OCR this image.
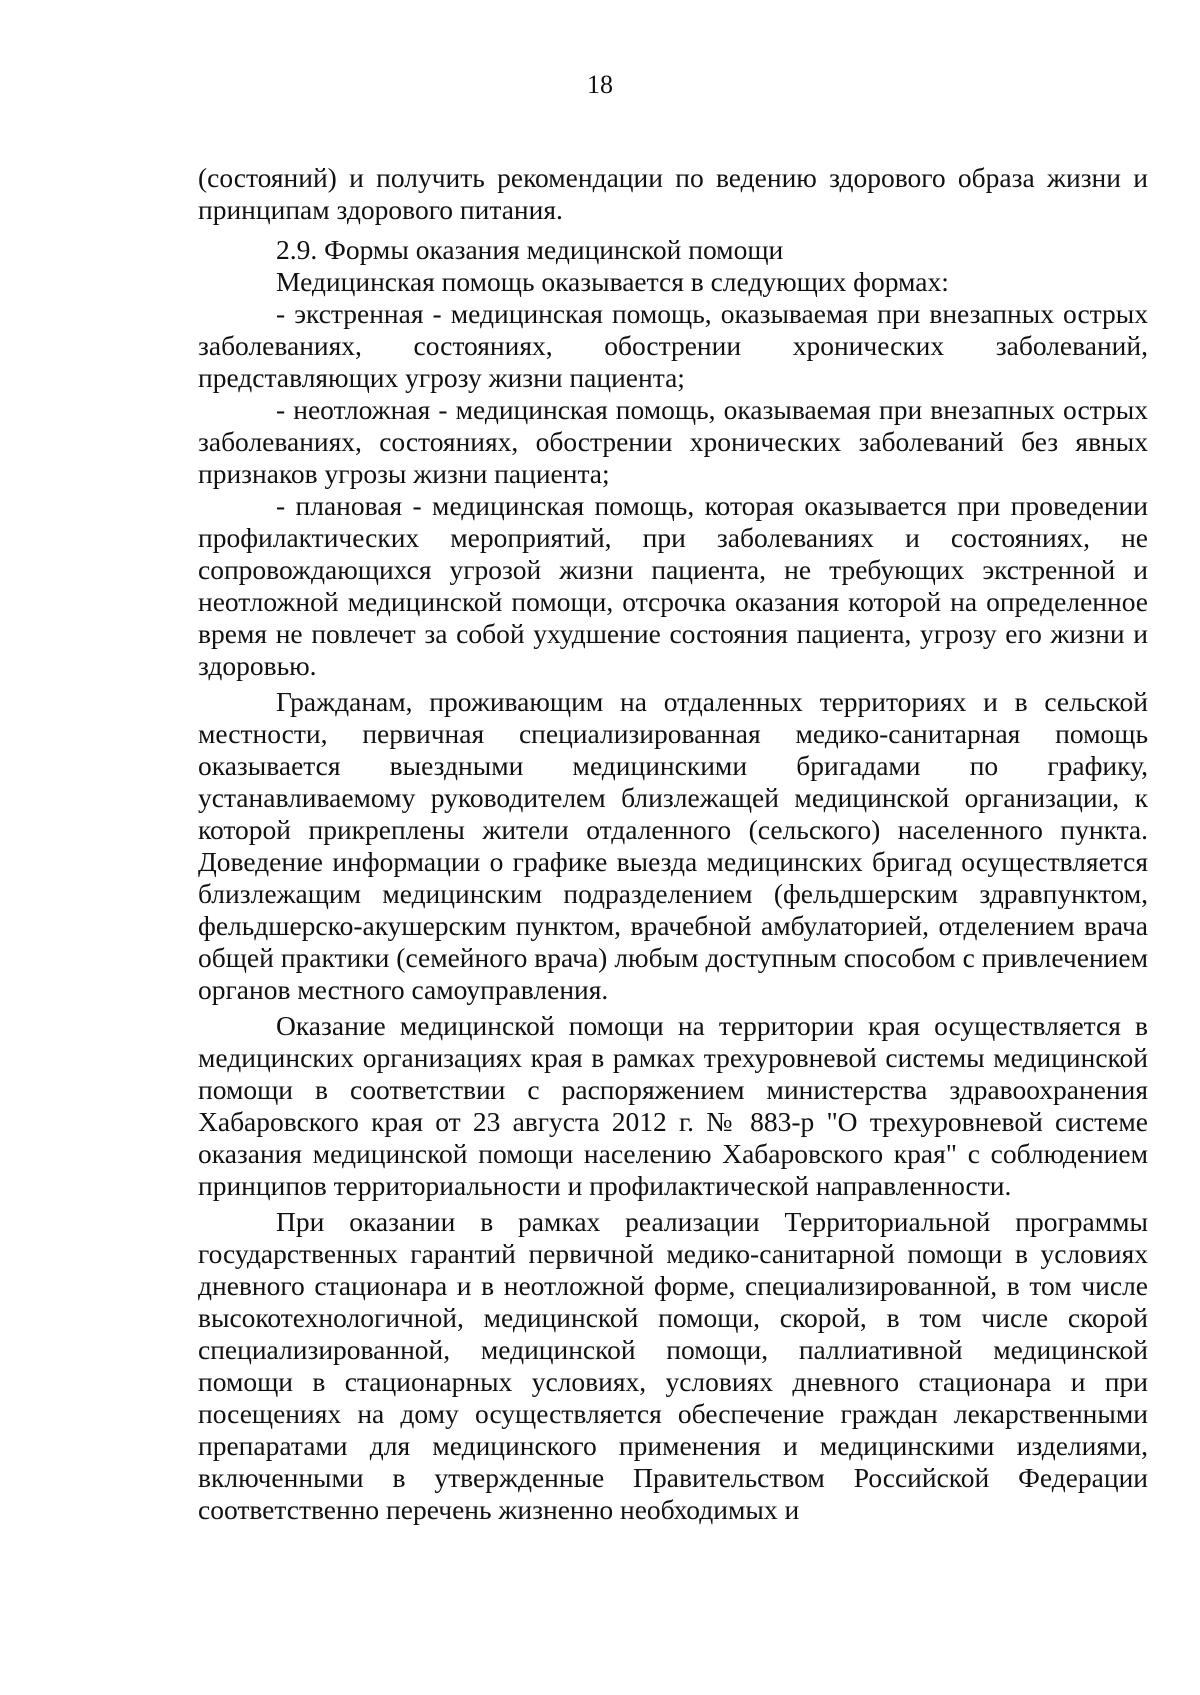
18

(состояний) и получить рекомендации по ведению здорового образа жизни и принципам здорового питания.

2.9. Формы оказания медицинской помощи

Медицинская помощь оказывается в следующих формах:

- экстренная - медицинская помощь, оказываемая при внезапных острых заболеваниях, состояниях, обострении хронических заболеваний, представляющих угрозу жизни пациента;

- неотложная - медицинская помощь, оказываемая при внезапных острых заболеваниях, состояниях, обострении хронических заболеваний без явных признаков угрозы жизни пациента;

- плановая - медицинская помощь, которая оказывается при проведении профилактических мероприятий, при заболеваниях и состояниях, не сопровождающихся угрозой жизни пациента, не требующих экстренной и неотложной медицинской помощи, отсрочка оказания которой на определенное время не повлечет за собой ухудшение состояния пациента, угрозу его жизни и здоровью.

Гражданам, проживающим на отдаленных территориях и в сельской местности, первичная специализированная медико-санитарная помощь оказывается выездными медицинскими бригадами по графику, устанавливаемому руководителем близлежащей медицинской организации, к которой прикреплены жители отдаленного (сельского) населенного пункта. Доведение информации о графике выезда медицинских бригад осуществляется близлежащим медицинским подразделением (фельдшерским здравпунктом, фельдшерско-акушерским пунктом, врачебной амбулаторией, отделением врача общей практики (семейного врача) любым доступным способом с привлечением органов местного самоуправления.

Оказание медицинской помощи на территории края осуществляется в медицинских организациях края в рамках трехуровневой системы медицинской помощи в соответствии с распоряжением министерства здравоохранения Хабаровского края от 23 августа 2012 г. № 883-р "О трехуровневой системе оказания медицинской помощи населению Хабаровского края" с соблюдением принципов территориальности и профилактической направленности.

При оказании в рамках реализации Территориальной программы государственных гарантий первичной медико-санитарной помощи в условиях дневного стационара и в неотложной форме, специализированной, в том числе высокотехнологичной, медицинской помощи, скорой, в том числе скорой специализированной, медицинской помощи, паллиативной медицинской помощи в стационарных условиях, условиях дневного стационара и при посещениях на дому осуществляется обеспечение граждан лекарственными препаратами для медицинского применения и медицинскими изделиями, включенными в утвержденные Правительством Российской Федерации соответственно перечень жизненно необходимых и
